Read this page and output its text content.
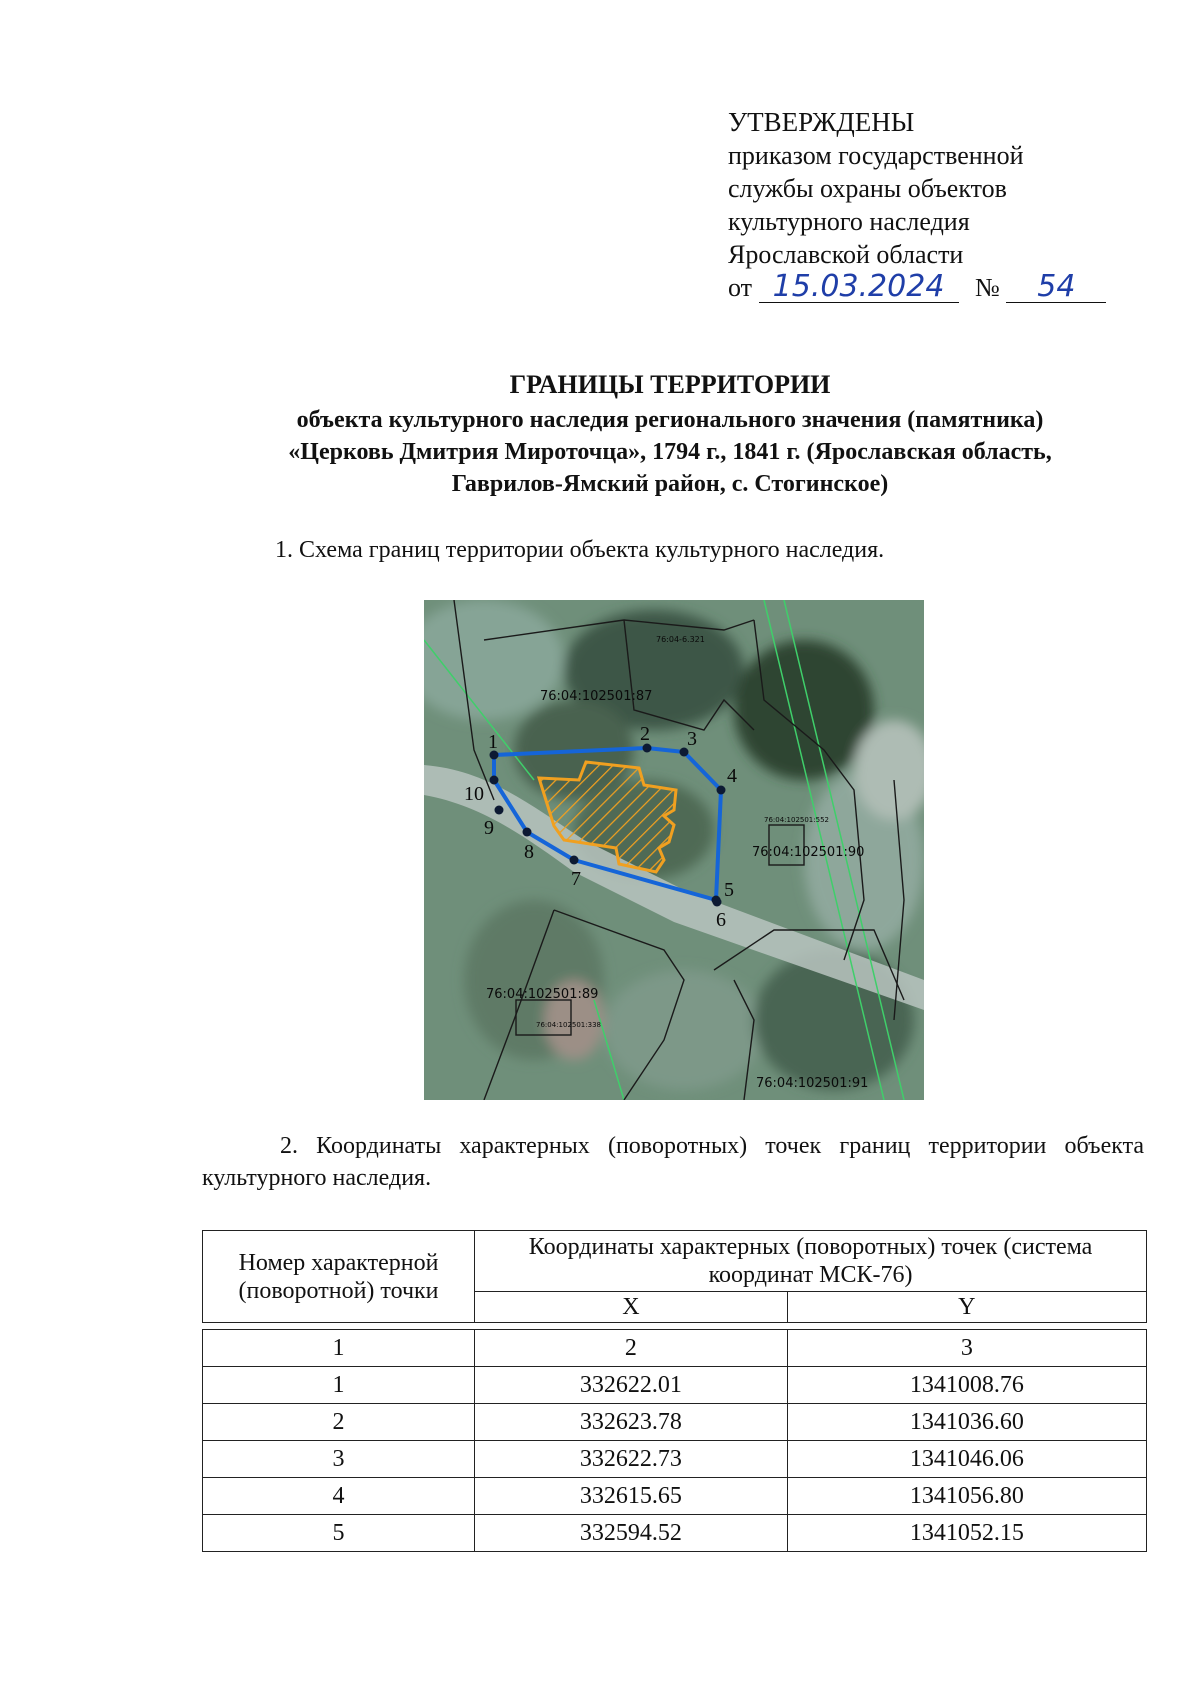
УТВЕРЖДЕНЫ
приказом государственной
службы охраны объектов
культурного наследия
Ярославской области
от 15.03.2024 № 54
ГРАНИЦЫ ТЕРРИТОРИИ
объекта культурного наследия регионального значения (памятника)
«Церковь Дмитрия Мироточца», 1794 г., 1841 г. (Ярославская область,
Гаврилов-Ямский район, с. Стогинское)
1. Схема границ территории объекта культурного наследия.
1	2 3
4
5
6
7
8
9
10
76:04-6.321
76:04:102501:87
76:04:102501:552
76:04:102501:90
76:04:102501:89
76:04:102501:338
76:04:102501:91
2. Координаты характерных (поворотных) точек границ территории объекта культурного наследия.
Номер характерной (поворотной) точки	Координаты характерных (поворотных) точек (система координат МСК-76)	
	X	Y

1	2	3
1	332622.01	1341008.76
2	332623.78	1341036.60
3	332622.73	1341046.06
4	332615.65	1341056.80
5	332594.52	1341052.15
